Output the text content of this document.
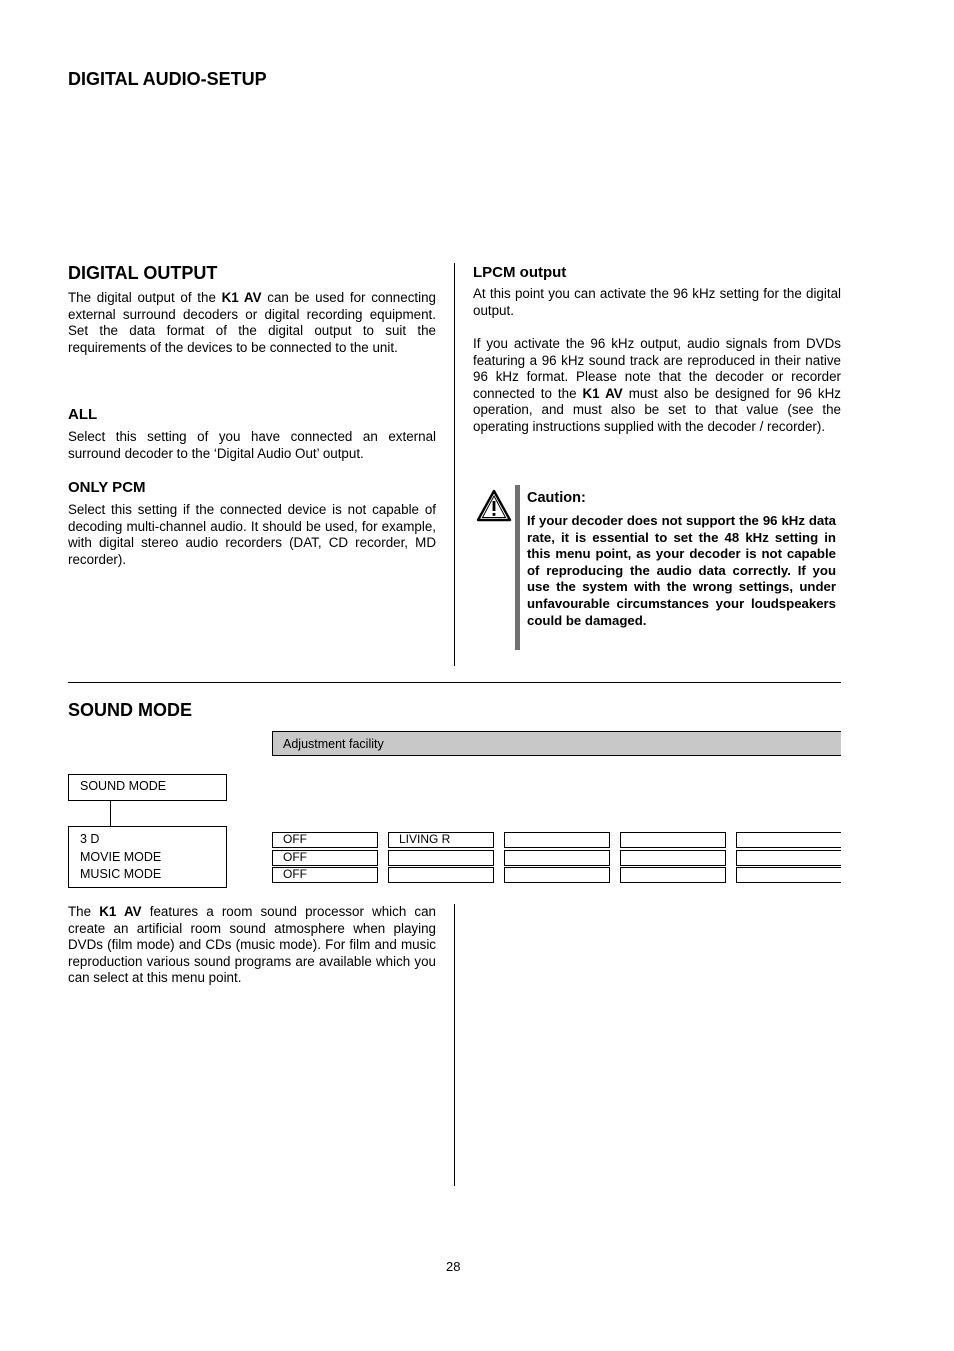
DIGITAL AUDIO-SETUP
DIGITAL OUTPUT
The digital output of the K1 AV can be used for connecting external surround decoders or digital recording equipment. Set the data format of the digital output to suit the requirements of the devices to be connected to the unit.
ALL
Select this setting of you have connected an external surround decoder to the ‘Digital Audio Out’ output.
ONLY PCM
Select this setting if the connected device is not capable of decoding multi-channel audio. It should be used, for example, with digital stereo audio recorders (DAT, CD recorder, MD recorder).
LPCM output
At this point you can activate the 96 kHz setting for the digital output.
If you activate the 96 kHz output, audio signals from DVDs featuring a 96 kHz sound track are reproduced in their native 96 kHz format. Please note that the decoder or recorder connected to the K1 AV must also be designed for 96 kHz operation, and must also be set to that value (see the operating instructions supplied with the decoder / recorder).
Caution:
If your decoder does not support the 96 kHz data rate, it is essential to set the 48 kHz setting in this menu point, as your decoder is not capable of reproducing the audio data correctly. If you use the system with the wrong settings, under unfavourable circumstances your loudspeakers could be damaged.
SOUND MODE
Adjustment facility
SOUND MODE
3 D
MOVIE MODE
MUSIC MODE
OFF	LIVING R
OFF
OFF
The K1 AV features a room sound processor which can create an artificial room sound atmosphere when playing DVDs (film mode) and CDs (music mode). For film and music reproduction various sound programs are available which you can select at this menu point.
28
